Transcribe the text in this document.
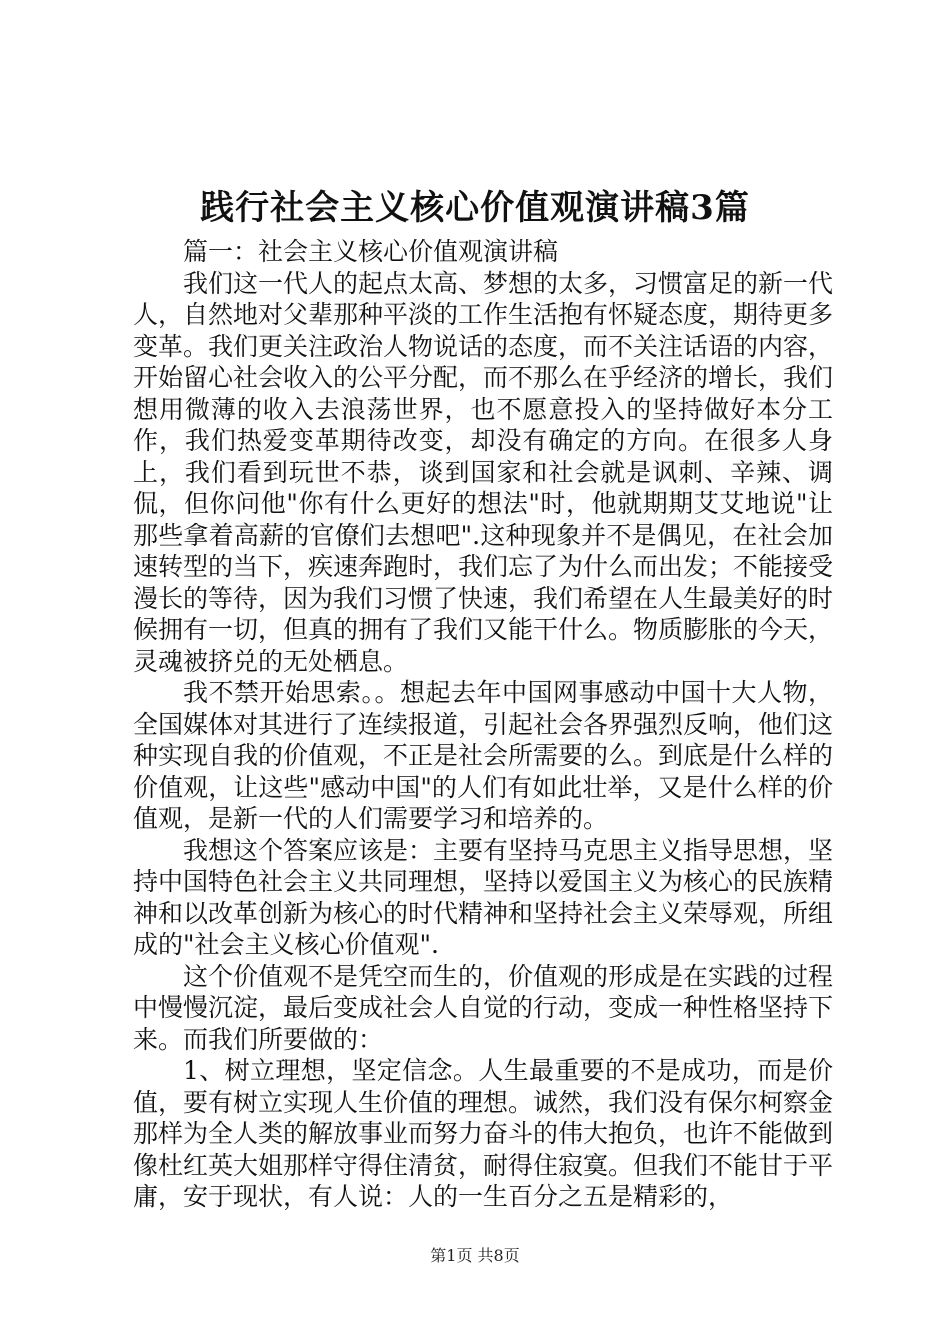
践行社会主义核心价值观演讲稿3篇

篇一：社会主义核心价值观演讲稿

我们这一代人的起点太高、梦想的太多，习惯富足的新一代人，自然地对父辈那种平淡的工作生活抱有怀疑态度，期待更多变革。我们更关注政治人物说话的态度，而不关注话语的内容，开始留心社会收入的公平分配，而不那么在乎经济的增长，我们想用微薄的收入去浪荡世界，也不愿意投入的坚持做好本分工作，我们热爱变革期待改变，却没有确定的方向。在很多人身上，我们看到玩世不恭，谈到国家和社会就是讽刺、辛辣、调侃，但你问他"你有什么更好的想法"时，他就期期艾艾地说"让那些拿着高薪的官僚们去想吧".这种现象并不是偶见，在社会加速转型的当下，疾速奔跑时，我们忘了为什么而出发；不能接受漫长的等待，因为我们习惯了快速，我们希望在人生最美好的时候拥有一切，但真的拥有了我们又能干什么。物质膨胀的今天，灵魂被挤兑的无处栖息。

我不禁开始思索。。想起去年中国网事感动中国十大人物，全国媒体对其进行了连续报道，引起社会各界强烈反响，他们这种实现自我的价值观，不正是社会所需要的么。到底是什么样的价值观，让这些"感动中国"的人们有如此壮举，又是什么样的价值观，是新一代的人们需要学习和培养的。

我想这个答案应该是：主要有坚持马克思主义指导思想，坚持中国特色社会主义共同理想，坚持以爱国主义为核心的民族精神和以改革创新为核心的时代精神和坚持社会主义荣辱观，所组成的"社会主义核心价值观".

这个价值观不是凭空而生的，价值观的形成是在实践的过程中慢慢沉淀，最后变成社会人自觉的行动，变成一种性格坚持下来。而我们所要做的：

1、树立理想，坚定信念。人生最重要的不是成功，而是价值，要有树立实现人生价值的理想。诚然，我们没有保尔柯察金那样为全人类的解放事业而努力奋斗的伟大抱负，也许不能做到像杜红英大姐那样守得住清贫，耐得住寂寞。但我们不能甘于平庸，安于现状，有人说：人的一生百分之五是精彩的，

第1页 共8页
